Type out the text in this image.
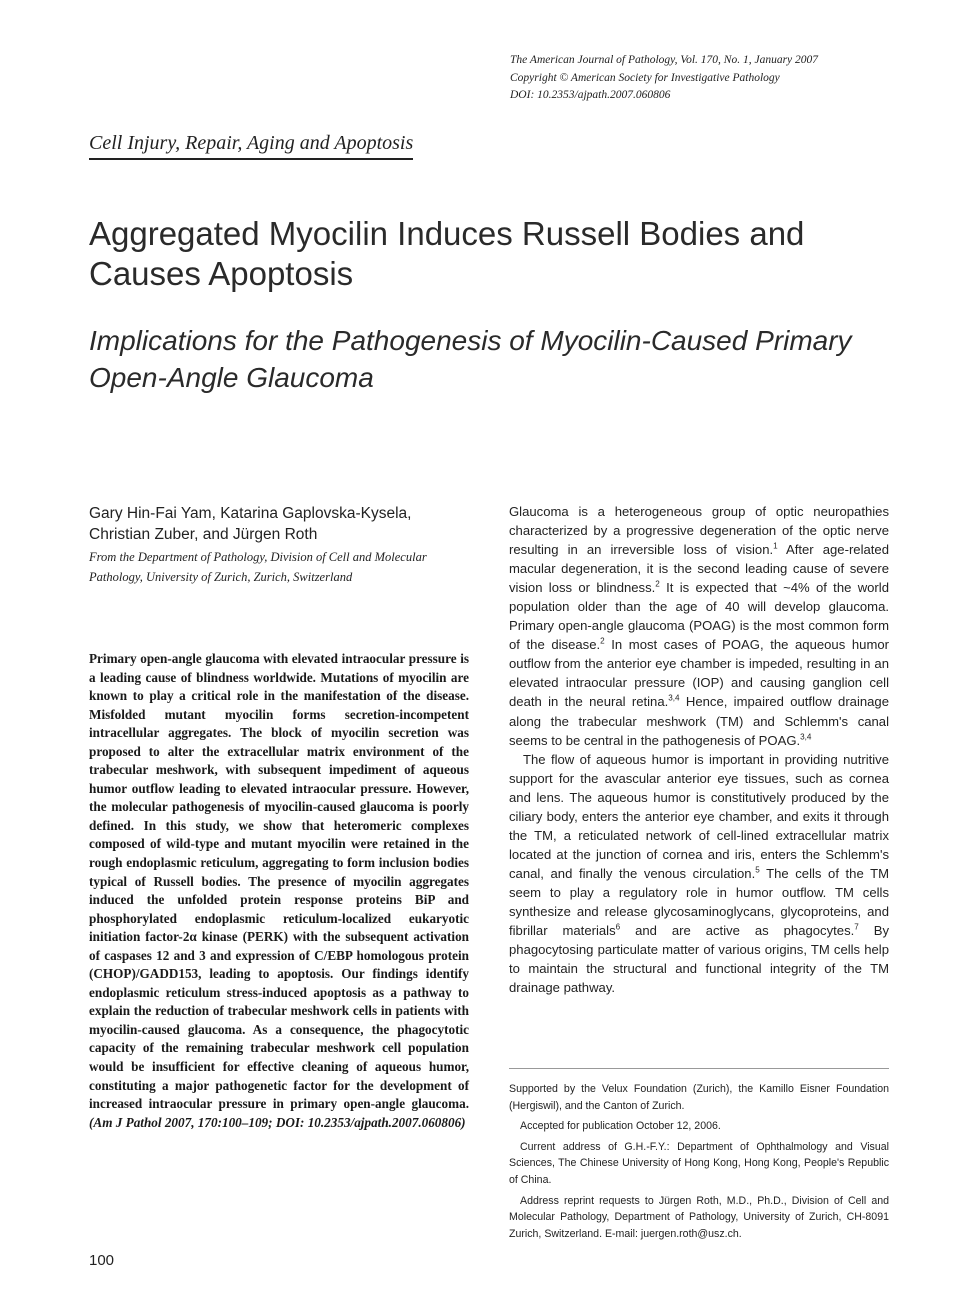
The American Journal of Pathology, Vol. 170, No. 1, January 2007
Copyright © American Society for Investigative Pathology
DOI: 10.2353/ajpath.2007.060806
Cell Injury, Repair, Aging and Apoptosis
Aggregated Myocilin Induces Russell Bodies and Causes Apoptosis
Implications for the Pathogenesis of Myocilin-Caused Primary Open-Angle Glaucoma
Gary Hin-Fai Yam, Katarina Gaplovska-Kysela, Christian Zuber, and Jürgen Roth
From the Department of Pathology, Division of Cell and Molecular Pathology, University of Zurich, Zurich, Switzerland
Primary open-angle glaucoma with elevated intraocular pressure is a leading cause of blindness worldwide. Mutations of myocilin are known to play a critical role in the manifestation of the disease. Misfolded mutant myocilin forms secretion-incompetent intracellular aggregates. The block of myocilin secretion was proposed to alter the extracellular matrix environment of the trabecular meshwork, with subsequent impediment of aqueous humor outflow leading to elevated intraocular pressure. However, the molecular pathogenesis of myocilin-caused glaucoma is poorly defined. In this study, we show that heteromeric complexes composed of wild-type and mutant myocilin were retained in the rough endoplasmic reticulum, aggregating to form inclusion bodies typical of Russell bodies. The presence of myocilin aggregates induced the unfolded protein response proteins BiP and phosphorylated endoplasmic reticulum-localized eukaryotic initiation factor-2α kinase (PERK) with the subsequent activation of caspases 12 and 3 and expression of C/EBP homologous protein (CHOP)/GADD153, leading to apoptosis. Our findings identify endoplasmic reticulum stress-induced apoptosis as a pathway to explain the reduction of trabecular meshwork cells in patients with myocilin-caused glaucoma. As a consequence, the phagocytotic capacity of the remaining trabecular meshwork cell population would be insufficient for effective cleaning of aqueous humor, constituting a major pathogenetic factor for the development of increased intraocular pressure in primary open-angle glaucoma. (Am J Pathol 2007, 170:100–109; DOI: 10.2353/ajpath.2007.060806)

Glaucoma is a heterogeneous group of optic neuropathies characterized by a progressive degeneration of the optic nerve resulting in an irreversible loss of vision.$^1$ After age-related macular degeneration, it is the second leading cause of severe vision loss or blindness.$^2$ It is expected that ~4% of the world population older than the age of 40 will develop glaucoma. Primary open-angle glaucoma (POAG) is the most common form of the disease.$^2$ In most cases of POAG, the aqueous humor outflow from the anterior eye chamber is impeded, resulting in an elevated intraocular pressure (IOP) and causing ganglion cell death in the neural retina.$^{3,4}$ Hence, impaired outflow drainage along the trabecular meshwork (TM) and Schlemm's canal seems to be central in the pathogenesis of POAG.$^{3,4}$

The flow of aqueous humor is important in providing nutritive support for the avascular anterior eye tissues, such as cornea and lens. The aqueous humor is constitutively produced by the ciliary body, enters the anterior eye chamber, and exits it through the TM, a reticulated network of cell-lined extracellular matrix located at the junction of cornea and iris, enters the Schlemm's canal, and finally the venous circulation.$^5$ The cells of the TM seem to play a regulatory role in humor outflow. TM cells synthesize and release glycosaminoglycans, glycoproteins, and fibrillar materials$^6$ and are active as phagocytes.$^7$ By phagocytosing particulate matter of various origins, TM cells help to maintain the structural and functional integrity of the TM drainage pathway.

Supported by the Velux Foundation (Zurich), the Kamillo Eisner Foundation (Hergiswil), and the Canton of Zurich.

Accepted for publication October 12, 2006.

Current address of G.H.-F.Y.: Department of Ophthalmology and Visual Sciences, The Chinese University of Hong Kong, Hong Kong, People's Republic of China.

Address reprint requests to Jürgen Roth, M.D., Ph.D., Division of Cell and Molecular Pathology, Department of Pathology, University of Zurich, CH-8091 Zurich, Switzerland. E-mail: juergen.roth@usz.ch.

100
